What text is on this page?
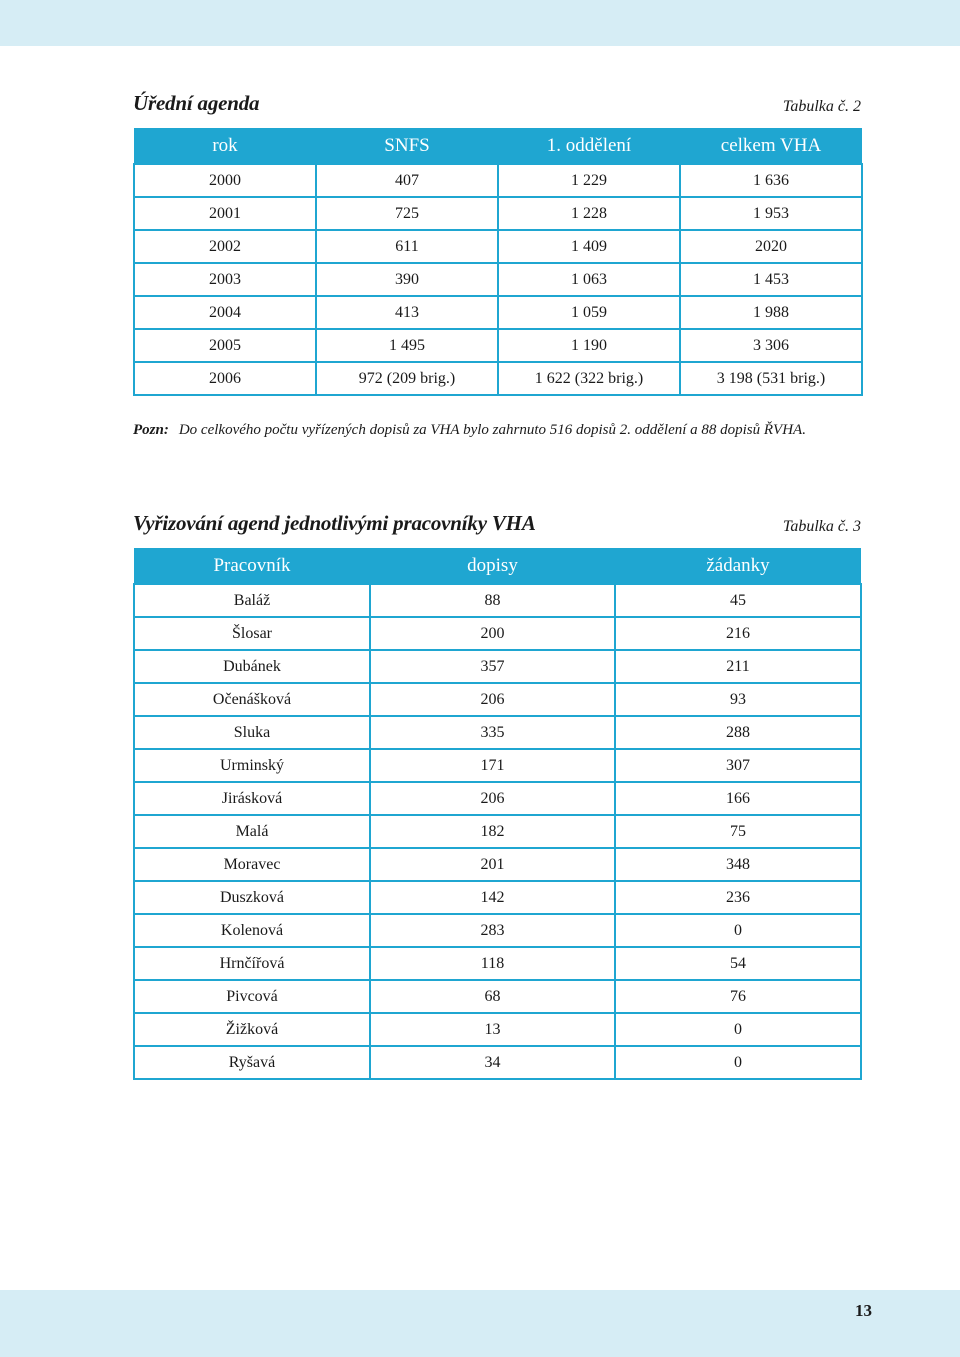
Úřední agenda	Tabulka č. 2
rok	SNFS	1. oddělení	celkem VHA
2000	407	1 229	1 636
2001	725	1 228	1 953
2002	611	1 409	2020
2003	390	1 063	1 453
2004	413	1 059	1 988
2005	1 495	1 190	3 306
2006	972 (209 brig.)	1 622 (322 brig.)	3 198 (531 brig.)
Pozn: Do celkového počtu vyřízených dopisů za VHA bylo zahrnuto 516 dopisů 2. oddělení a 88 dopisů ŘVHA.
Vyřizování agend jednotlivými pracovníky VHA	Tabulka č. 3
Pracovník	dopisy	žádanky
Baláž	88	45
Šlosar	200	216
Dubánek	357	211
Očenášková	206	93
Sluka	335	288
Urminský	171	307
Jirásková	206	166
Malá	182	75
Moravec	201	348
Duszková	142	236
Kolenová	283	0
Hrnčířová	118	54
Pivcová	68	76
Žižková	13	0
Ryšavá	34	0
13
